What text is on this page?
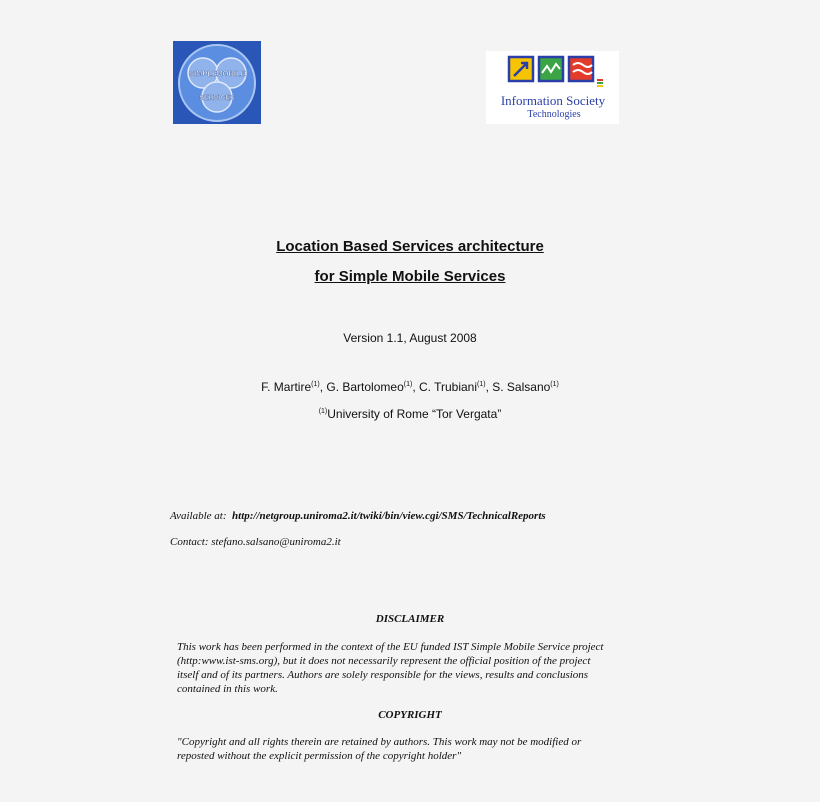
SIMPLE MOBILE
SERVICES	Information Society
Technologies
Location Based Services architecture
for Simple Mobile Services
Version 1.1, August 2008
F. Martire$^{(1)}$, G. Bartolomeo$^{(1)}$, C. Trubiani$^{(1)}$, S. Salsano$^{(1)}$
$^{(1)}$University of Rome “Tor Vergata”
Available at: http://netgroup.uniroma2.it/twiki/bin/view.cgi/SMS/TechnicalReports
Contact: stefano.salsano@uniroma2.it
DISCLAIMER
This work has been performed in the context of the EU funded IST Simple Mobile Service project
(http:www.ist-sms.org), but it does not necessarily represent the official position of the project
itself and of its partners. Authors are solely responsible for the views, results and conclusions
contained in this work.
COPYRIGHT
"Copyright and all rights therein are retained by authors. This work may not be modified or
reposted without the explicit permission of the copyright holder"
